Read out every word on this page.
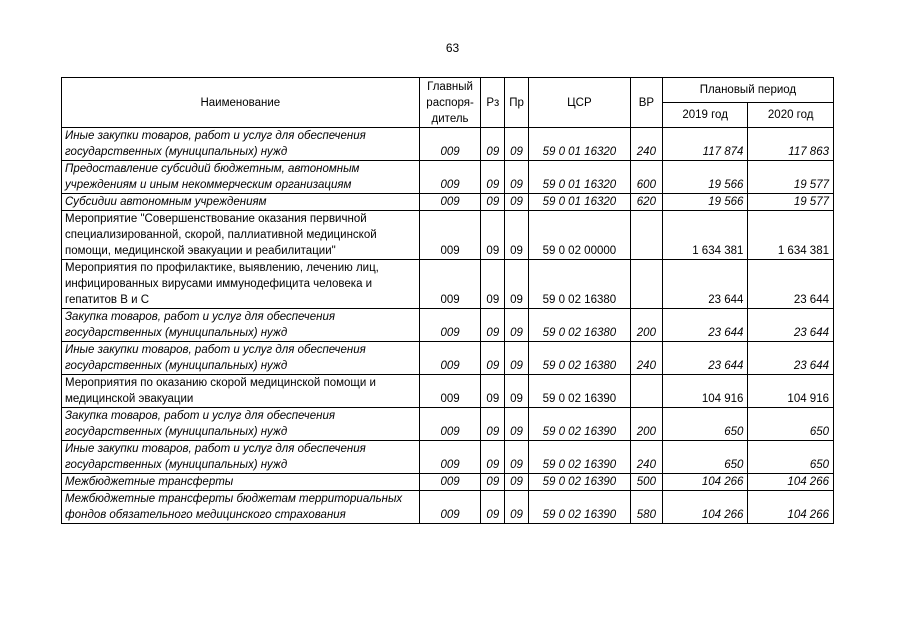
63
Наименование	Главный распоря-дитель	Рз	Пр	ЦСР	ВР	Плановый период	
						2019 год	2020 год
Иные закупки товаров, работ и услуг для обеспечения государственных (муниципальных) нужд	009	09	09	59 0 01 16320	240	117 874	117 863
Предоставление субсидий бюджетным, автономным учреждениям и иным некоммерческим организациям	009	09	09	59 0 01 16320	600	19 566	19 577
Субсидии автономным учреждениям	009	09	09	59 0 01 16320	620	19 566	19 577
Мероприятие "Совершенствование оказания первичной специализированной, скорой, паллиативной медицинской помощи, медицинской эвакуации и реабилитации"	009	09	09	59 0 02 00000		1 634 381	1 634 381
Мероприятия по профилактике, выявлению, лечению лиц, инфицированных вирусами иммунодефицита человека и гепатитов В и С	009	09	09	59 0 02 16380		23 644	23 644
Закупка товаров, работ и услуг для обеспечения государственных (муниципальных) нужд	009	09	09	59 0 02 16380	200	23 644	23 644
Иные закупки товаров, работ и услуг для обеспечения государственных (муниципальных) нужд	009	09	09	59 0 02 16380	240	23 644	23 644
Мероприятия по оказанию скорой медицинской помощи и медицинской эвакуации	009	09	09	59 0 02 16390		104 916	104 916
Закупка товаров, работ и услуг для обеспечения государственных (муниципальных) нужд	009	09	09	59 0 02 16390	200	650	650
Иные закупки товаров, работ и услуг для обеспечения государственных (муниципальных) нужд	009	09	09	59 0 02 16390	240	650	650
Межбюджетные трансферты	009	09	09	59 0 02 16390	500	104 266	104 266
Межбюджетные трансферты бюджетам территориальных фондов обязательного медицинского страхования	009	09	09	59 0 02 16390	580	104 266	104 266
